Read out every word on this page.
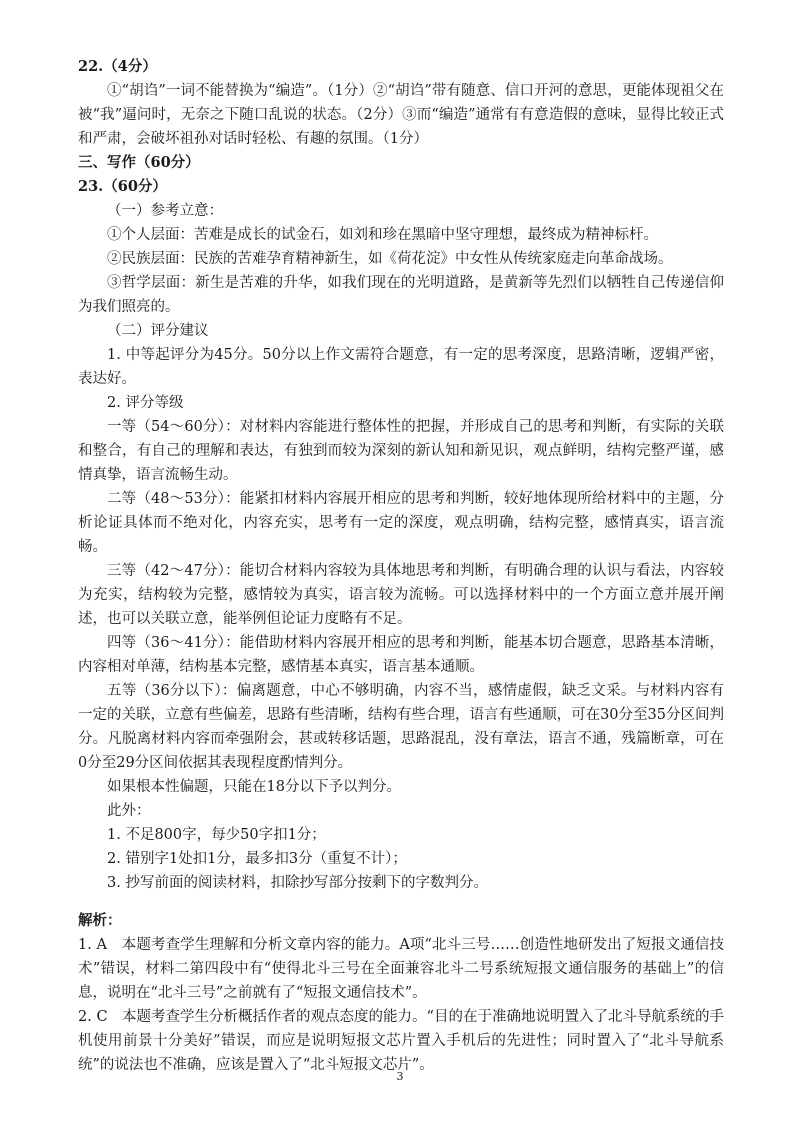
22.（4分）

①“胡诌”一词不能替换为“编造”。（1分）②“胡诌”带有随意、信口开河的意思，更能体现祖父在被“我”逼问时，无奈之下随口乱说的状态。（2分）③而“编造”通常有有意造假的意味，显得比较正式和严肃，会破坏祖孙对话时轻松、有趣的氛围。（1分）

三、写作（60分）

23.（60分）

（一）参考立意：

①个人层面：苦难是成长的试金石，如刘和珍在黑暗中坚守理想，最终成为精神标杆。

②民族层面：民族的苦难孕育精神新生，如《荷花淀》中女性从传统家庭走向革命战场。

③哲学层面：新生是苦难的升华，如我们现在的光明道路，是黄新等先烈们以牺牲自己传递信仰为我们照亮的。

（二）评分建议

1. 中等起评分为45分。50分以上作文需符合题意，有一定的思考深度，思路清晰，逻辑严密，表达好。

2. 评分等级

一等（54～60分）：对材料内容能进行整体性的把握，并形成自己的思考和判断，有实际的关联和整合，有自己的理解和表达，有独到而较为深刻的新认知和新见识，观点鲜明，结构完整严谨，感情真挚，语言流畅生动。

二等（48～53分）：能紧扣材料内容展开相应的思考和判断，较好地体现所给材料中的主题，分析论证具体而不绝对化，内容充实，思考有一定的深度，观点明确，结构完整，感情真实，语言流畅。

三等（42～47分）：能切合材料内容较为具体地思考和判断，有明确合理的认识与看法，内容较为充实，结构较为完整，感情较为真实，语言较为流畅。可以选择材料中的一个方面立意并展开阐述，也可以关联立意，能举例但论证力度略有不足。

四等（36～41分）：能借助材料内容展开相应的思考和判断，能基本切合题意，思路基本清晰，内容相对单薄，结构基本完整，感情基本真实，语言基本通顺。

五等（36分以下）：偏离题意，中心不够明确，内容不当，感情虚假，缺乏文采。与材料内容有一定的关联，立意有些偏差，思路有些清晰，结构有些合理，语言有些通顺，可在30分至35分区间判分。凡脱离材料内容而牵强附会，甚或转移话题，思路混乱，没有章法，语言不通，残篇断章，可在0分至29分区间依据其表现程度酌情判分。

如果根本性偏题，只能在18分以下予以判分。

此外：

1. 不足800字，每少50字扣1分；

2. 错别字1处扣1分，最多扣3分（重复不计）；

3. 抄写前面的阅读材料，扣除抄写部分按剩下的字数判分。

解析：

1. A　本题考查学生理解和分析文章内容的能力。A项“北斗三号……创造性地研发出了短报文通信技术”错误，材料二第四段中有“使得北斗三号在全面兼容北斗二号系统短报文通信服务的基础上”的信息，说明在“北斗三号”之前就有了“短报文通信技术”。

2. C　本题考查学生分析概括作者的观点态度的能力。“目的在于准确地说明置入了北斗导航系统的手机使用前景十分美好”错误，而应是说明短报文芯片置入手机后的先进性；同时置入了“北斗导航系统”的说法也不准确，应该是置入了“北斗短报文芯片”。

3
